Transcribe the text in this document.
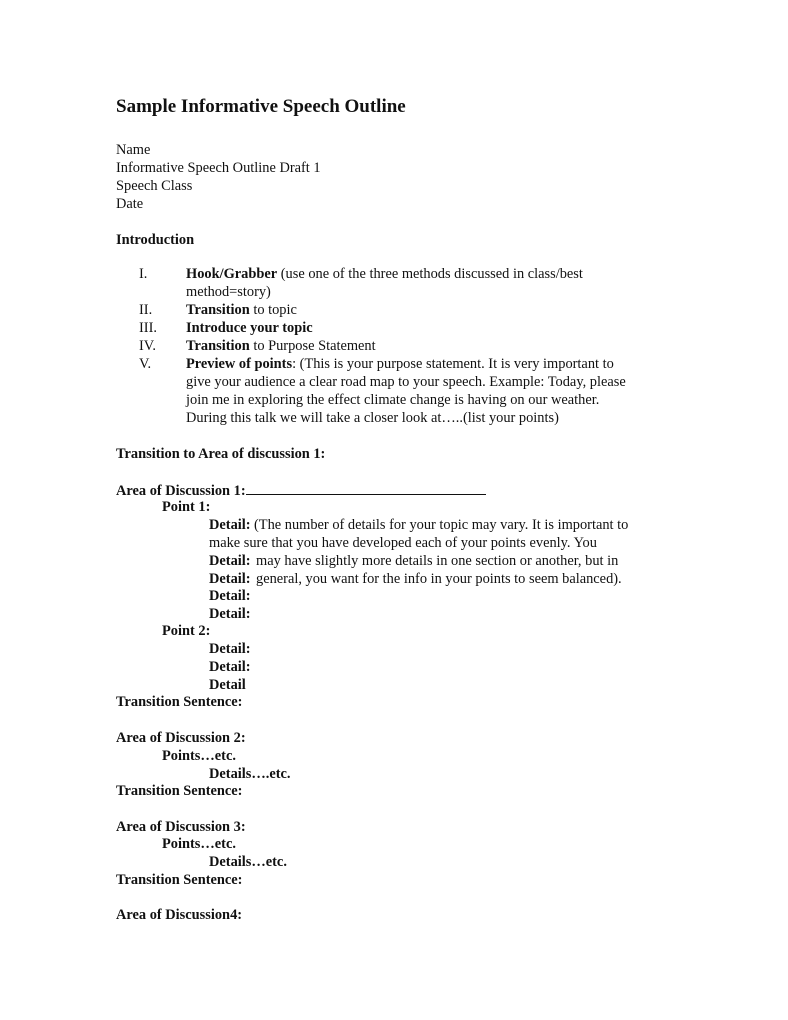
Sample Informative Speech Outline
Name
Informative Speech Outline Draft 1
Speech Class
Date
Introduction
I.	Hook/Grabber (use one of the three methods discussed in class/best
method=story)
II. Transition to topic
III. Introduce your topic
IV. Transition to Purpose Statement
V. Preview of points: (This is your purpose statement. It is very important to
give your audience a clear road map to your speech. Example: Today, please
join me in exploring the effect climate change is having on our weather.
During this talk we will take a closer look at…..(list your points)
Transition to Area of discussion 1:
Area of Discussion 1:
Point 1:
Detail: (The number of details for your topic may vary. It is important to
make sure that you have developed each of your points evenly. You
Detail: may have slightly more details in one section or another, but in
Detail: general, you want for the info in your points to seem balanced).
Detail:
Detail:
Point 2:
Detail:
Detail:
Detail
Transition Sentence:
Area of Discussion 2:
Points…etc.
Details….etc.
Transition Sentence:
Area of Discussion 3:
Points…etc.
Details…etc.
Transition Sentence:
Area of Discussion4:
